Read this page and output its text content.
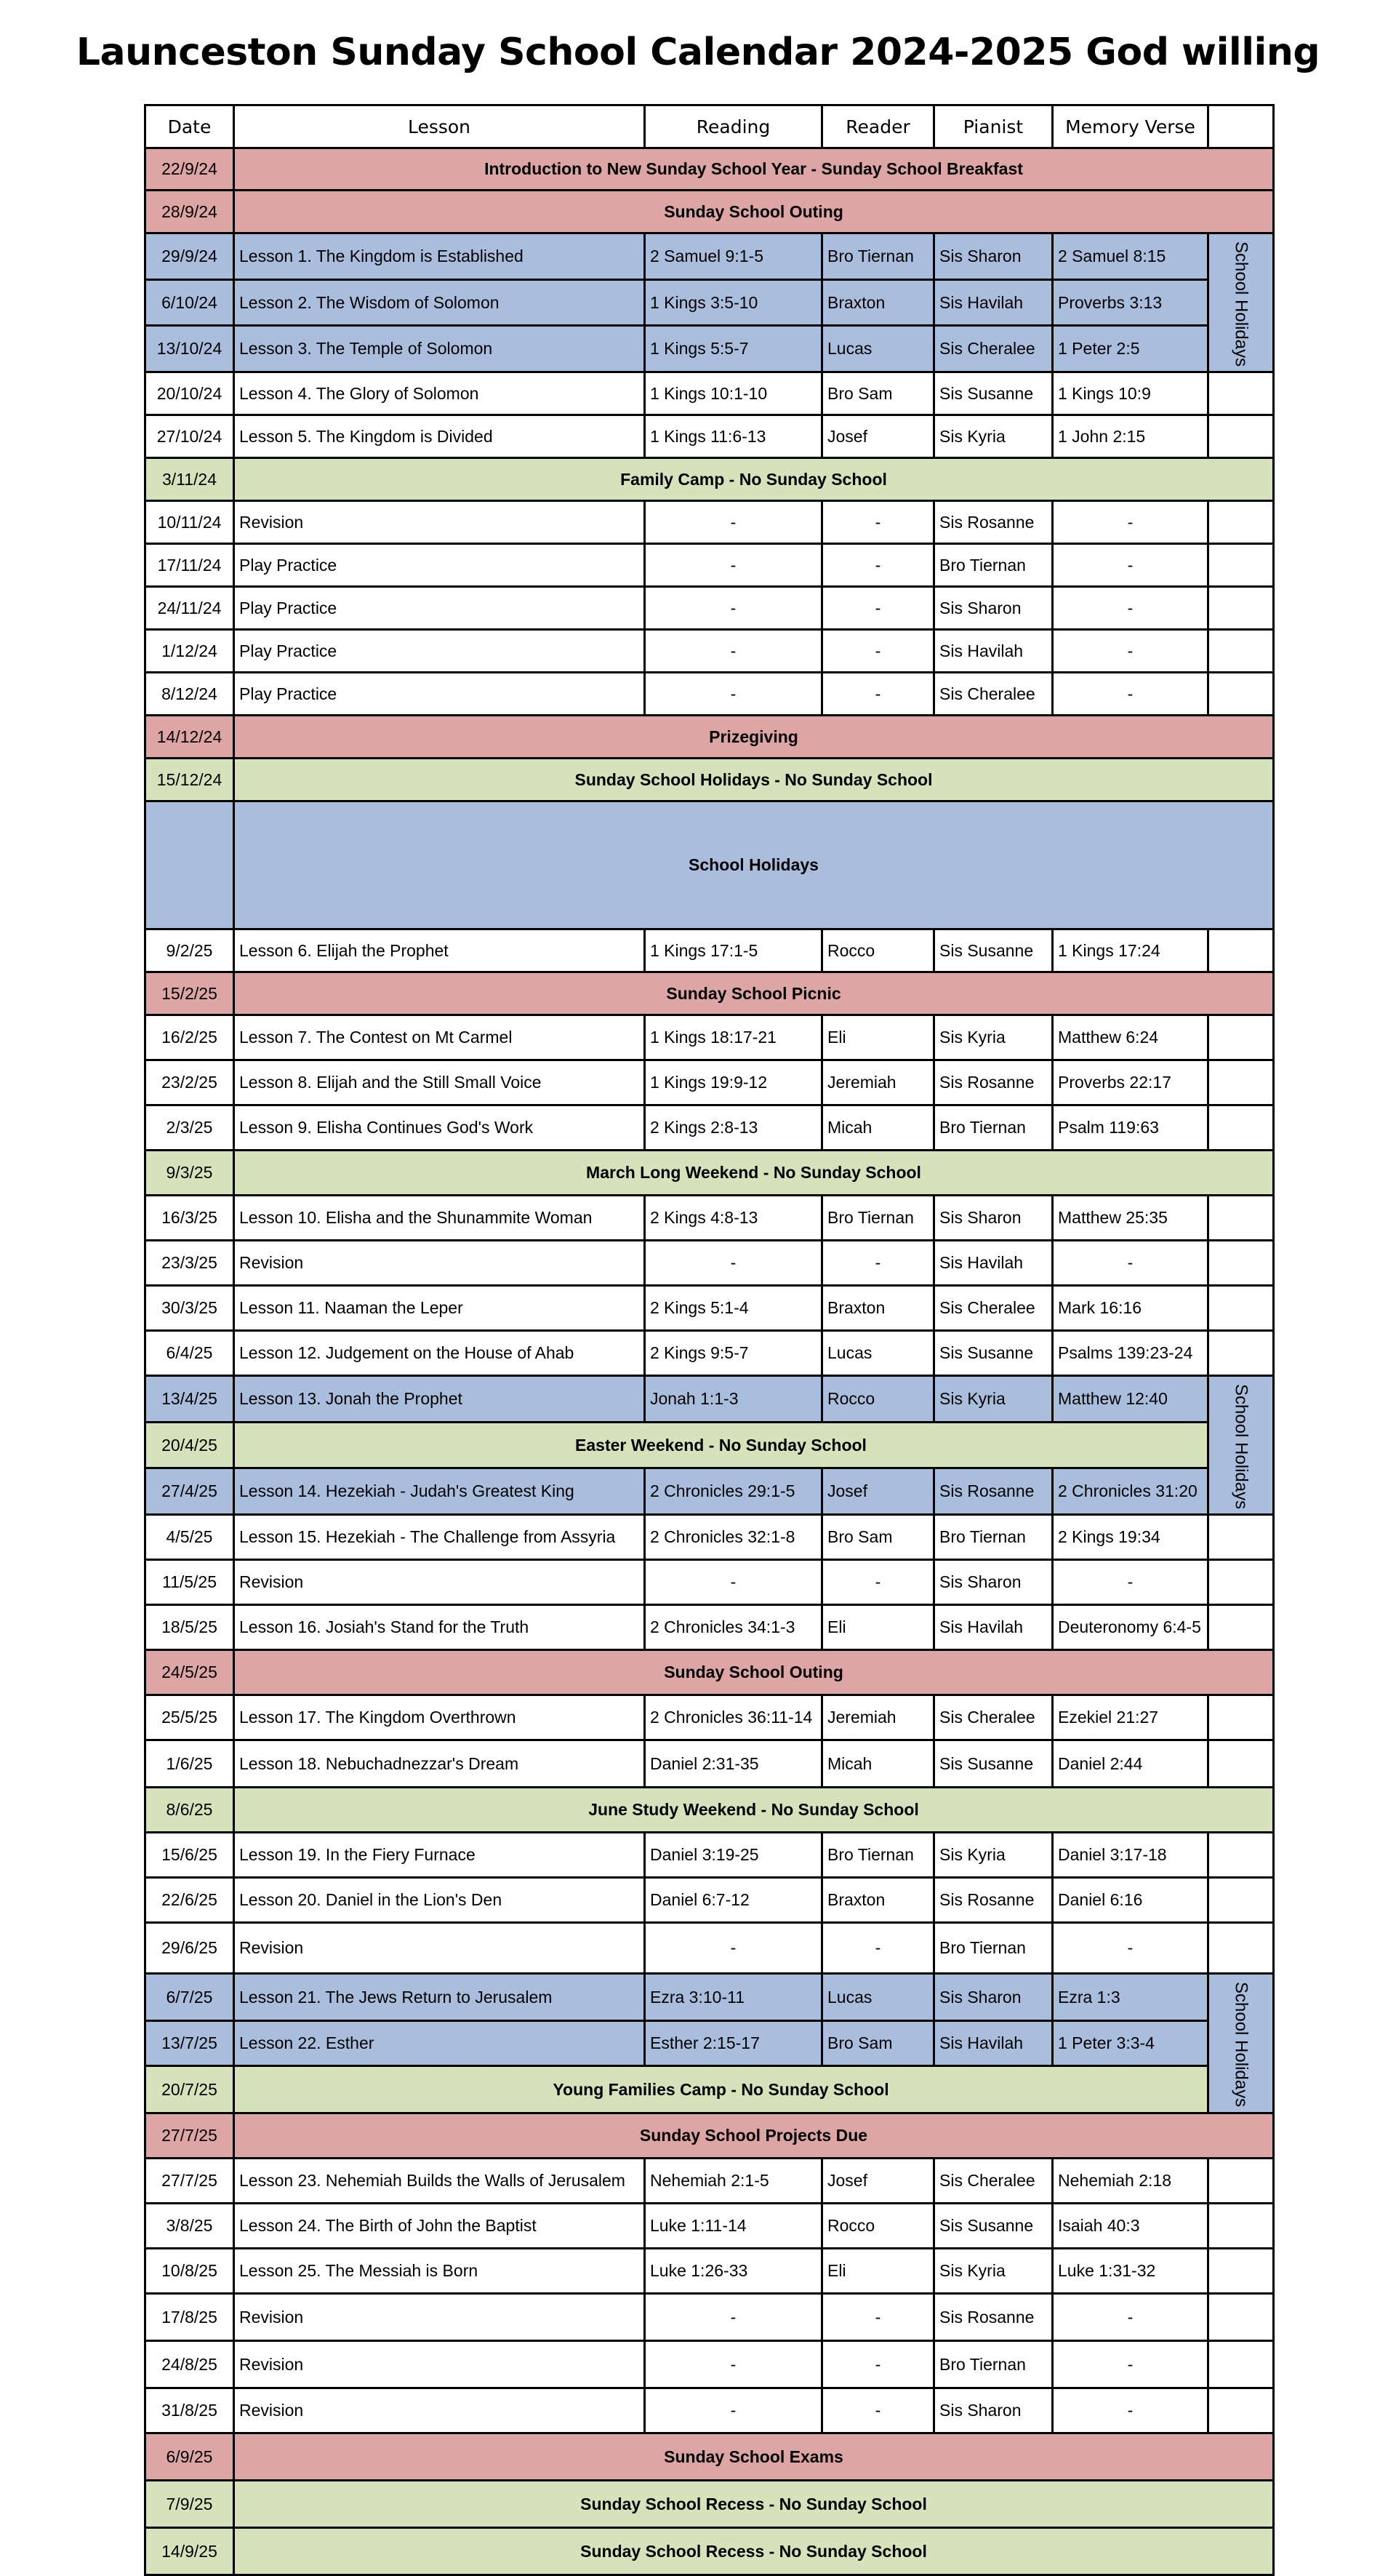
Launceston Sunday School Calendar 2024-2025 God willing
Date	Lesson	Reading	Reader	Pianist	Memory Verse	
22/9/24	Introduction to New Sunday School Year - Sunday School Breakfast					
28/9/24	Sunday School Outing					
29/9/24	Lesson 1. The Kingdom is Established	2 Samuel 9:1-5	Bro Tiernan	Sis Sharon	2 Samuel 8:15	School Holidays
6/10/24	Lesson 2. The Wisdom of Solomon	1 Kings 3:5-10	Braxton	Sis Havilah	Proverbs 3:13	
13/10/24	Lesson 3. The Temple of Solomon	1 Kings 5:5-7	Lucas	Sis Cheralee	1 Peter 2:5	
20/10/24	Lesson 4. The Glory of Solomon	1 Kings 10:1-10	Bro Sam	Sis Susanne	1 Kings 10:9	
27/10/24	Lesson 5. The Kingdom is Divided	1 Kings 11:6-13	Josef	Sis Kyria	1 John 2:15	
3/11/24	Family Camp - No Sunday School					
10/11/24	Revision	-	-	Sis Rosanne	-	
17/11/24	Play Practice	-	-	Bro Tiernan	-	
24/11/24	Play Practice	-	-	Sis Sharon	-	
1/12/24	Play Practice	-	-	Sis Havilah	-	
8/12/24	Play Practice	-	-	Sis Cheralee	-	
14/12/24	Prizegiving					
15/12/24	Sunday School Holidays - No Sunday School					
	School Holidays					
9/2/25	Lesson 6. Elijah the Prophet	1 Kings 17:1-5	Rocco	Sis Susanne	1 Kings 17:24	
15/2/25	Sunday School Picnic					
16/2/25	Lesson 7. The Contest on Mt Carmel	1 Kings 18:17-21	Eli	Sis Kyria	Matthew 6:24	
23/2/25	Lesson 8. Elijah and the Still Small Voice	1 Kings 19:9-12	Jeremiah	Sis Rosanne	Proverbs 22:17	
2/3/25	Lesson 9. Elisha Continues God's Work	2 Kings 2:8-13	Micah	Bro Tiernan	Psalm 119:63	
9/3/25	March Long Weekend - No Sunday School					
16/3/25	Lesson 10. Elisha and the Shunammite Woman	2 Kings 4:8-13	Bro Tiernan	Sis Sharon	Matthew 25:35	
23/3/25	Revision	-	-	Sis Havilah	-	
30/3/25	Lesson 11. Naaman the Leper	2 Kings 5:1-4	Braxton	Sis Cheralee	Mark 16:16	
6/4/25	Lesson 12. Judgement on the House of Ahab	2 Kings 9:5-7	Lucas	Sis Susanne	Psalms 139:23-24	
13/4/25	Lesson 13. Jonah the Prophet	Jonah 1:1-3	Rocco	Sis Kyria	Matthew 12:40	School Holidays
20/4/25	Easter Weekend - No Sunday School					
27/4/25	Lesson 14. Hezekiah - Judah's Greatest King	2 Chronicles 29:1-5	Josef	Sis Rosanne	2 Chronicles 31:20	
4/5/25	Lesson 15. Hezekiah - The Challenge from Assyria	2 Chronicles 32:1-8	Bro Sam	Bro Tiernan	2 Kings 19:34	
11/5/25	Revision	-	-	Sis Sharon	-	
18/5/25	Lesson 16. Josiah's Stand for the Truth	2 Chronicles 34:1-3	Eli	Sis Havilah	Deuteronomy 6:4-5	
24/5/25	Sunday School Outing					
25/5/25	Lesson 17. The Kingdom Overthrown	2 Chronicles 36:11-14	Jeremiah	Sis Cheralee	Ezekiel 21:27	
1/6/25	Lesson 18. Nebuchadnezzar's Dream	Daniel 2:31-35	Micah	Sis Susanne	Daniel 2:44	
8/6/25	June Study Weekend - No Sunday School					
15/6/25	Lesson 19. In the Fiery Furnace	Daniel 3:19-25	Bro Tiernan	Sis Kyria	Daniel 3:17-18	
22/6/25	Lesson 20. Daniel in the Lion's Den	Daniel 6:7-12	Braxton	Sis Rosanne	Daniel 6:16	
29/6/25	Revision	-	-	Bro Tiernan	-	
6/7/25	Lesson 21. The Jews Return to Jerusalem	Ezra 3:10-11	Lucas	Sis Sharon	Ezra 1:3	School Holidays
13/7/25	Lesson 22. Esther	Esther 2:15-17	Bro Sam	Sis Havilah	1 Peter 3:3-4	
20/7/25	Young Families Camp - No Sunday School					
27/7/25	Sunday School Projects Due					
27/7/25	Lesson 23. Nehemiah Builds the Walls of Jerusalem	Nehemiah 2:1-5	Josef	Sis Cheralee	Nehemiah 2:18	
3/8/25	Lesson 24. The Birth of John the Baptist	Luke 1:11-14	Rocco	Sis Susanne	Isaiah 40:3	
10/8/25	Lesson 25. The Messiah is Born	Luke 1:26-33	Eli	Sis Kyria	Luke 1:31-32	
17/8/25	Revision	-	-	Sis Rosanne	-	
24/8/25	Revision	-	-	Bro Tiernan	-	
31/8/25	Revision	-	-	Sis Sharon	-	
6/9/25	Sunday School Exams					
7/9/25	Sunday School Recess - No Sunday School					
14/9/25	Sunday School Recess - No Sunday School					
